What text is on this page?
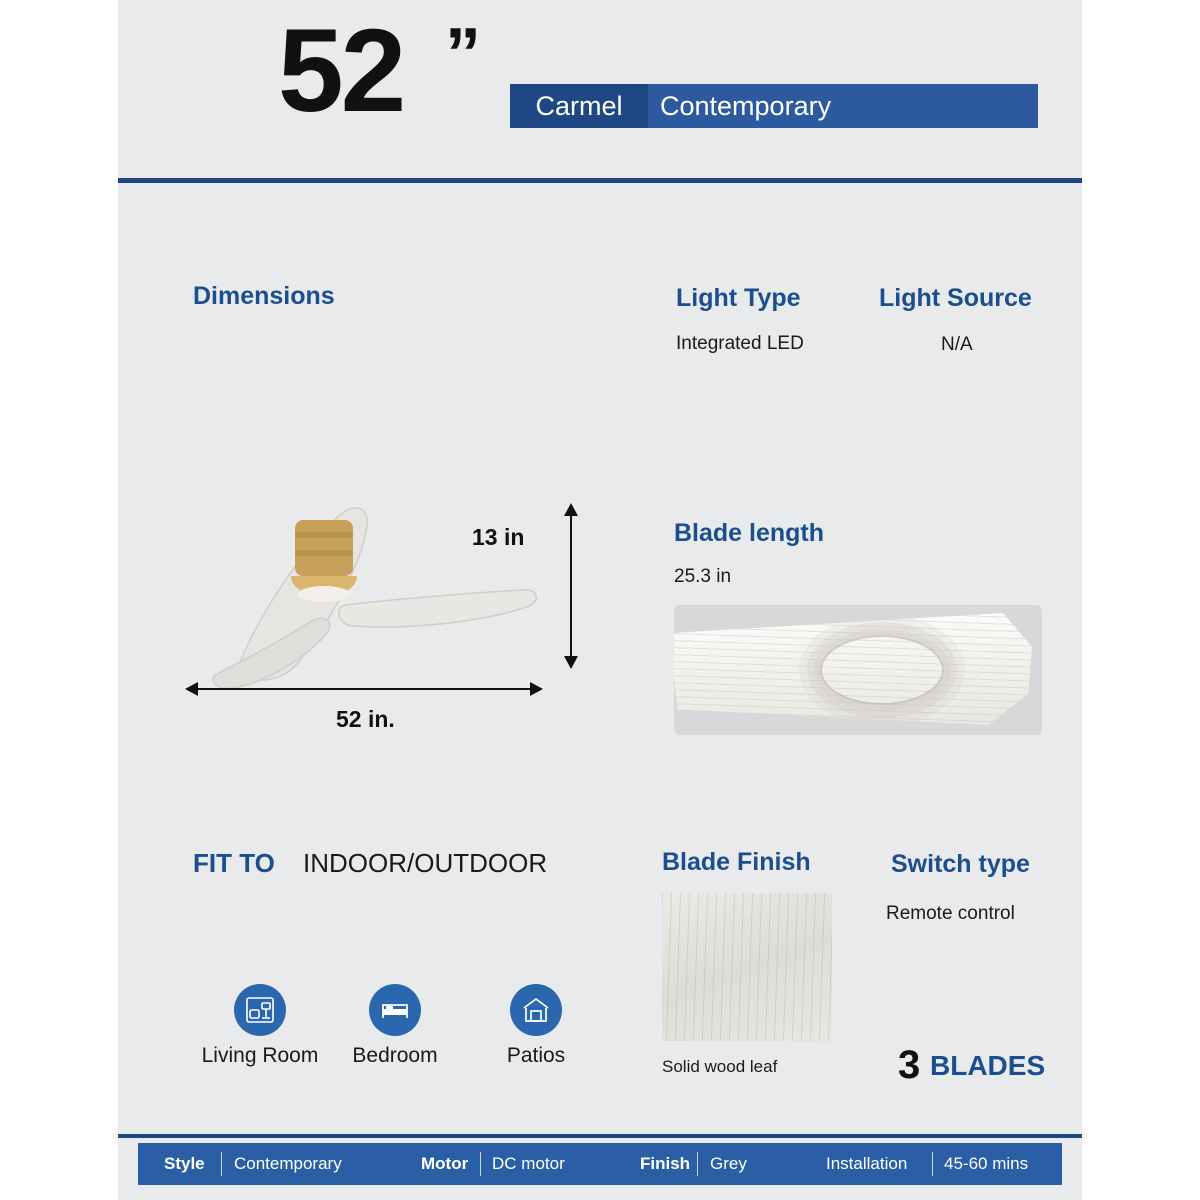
52 ”
Carmel	Contemporary
Dimensions	Light Type
Integrated LED
Light Source
N/A
52 in.
13 in	Blade length
25.3 in
FIT TO INDOOR/OUTDOOR
Living Room	Bedroom	Patios
Blade Finish
Solid wood leaf
Switch type
Remote control
3 BLADES
Style Contemporary	Motor DC motor	Finish Grey	Installation 45-60 mins
